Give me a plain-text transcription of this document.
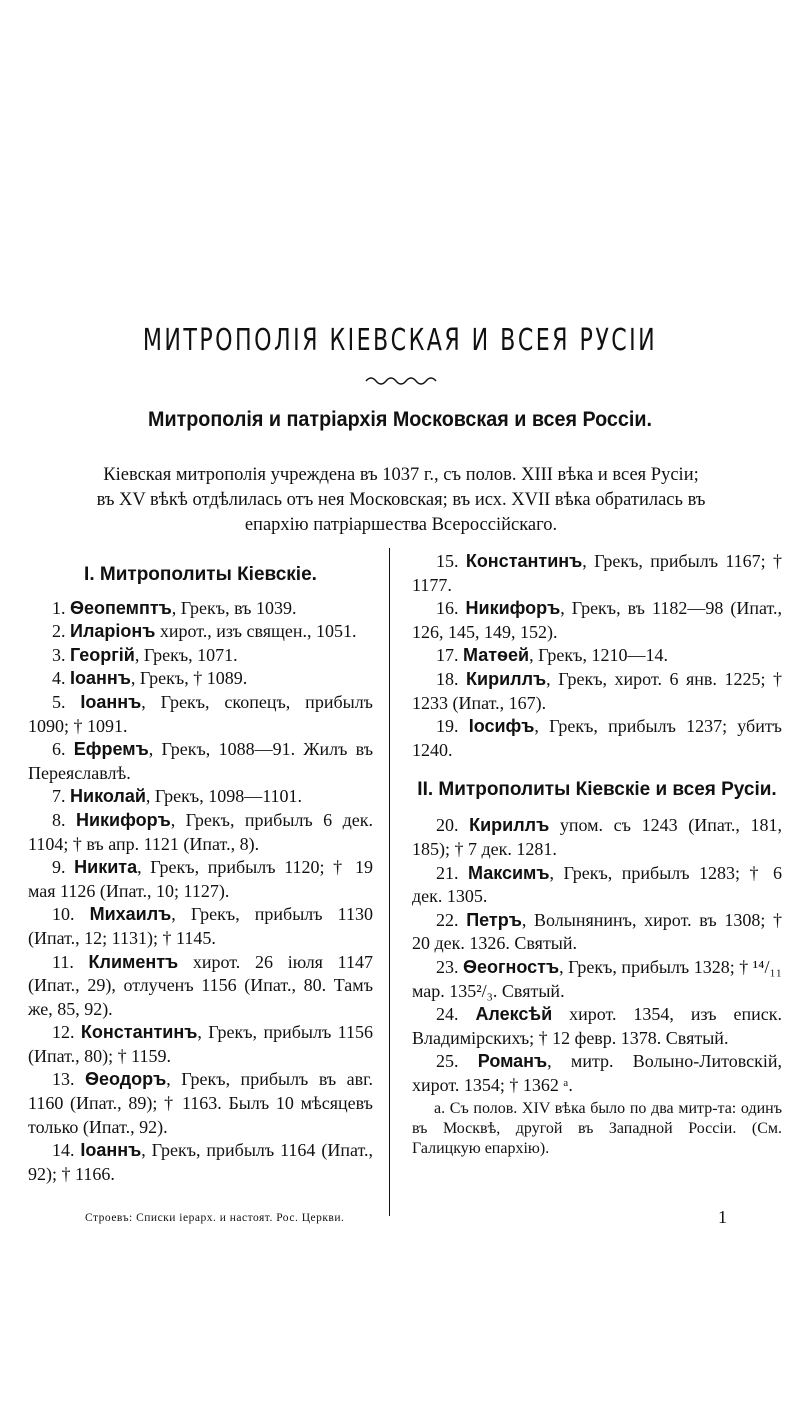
МИТРОПОЛІЯ КІЕВСКАЯ И ВСЕЯ РУСІИ
Митрополія и патріархія Московская и всея Россіи.
Кіевская митрополія учреждена въ 1037 г., съ полов. XIII вѣка и всея Русіи;
въ XV вѣкѣ отдѣлилась отъ нея Московская; въ исх. XVII вѣка обратилась въ
епархію патріаршества Всероссійскаго.
I. Митрополиты Кіевскіе.
1. Ѳеопемптъ, Грекъ, въ 1039.
2. Иларіонъ хирот., изъ священ., 1051.
3. Георгій, Грекъ, 1071.
4. Іоаннъ, Грекъ, † 1089.
5. Іоаннъ, Грекъ, скопецъ, прибылъ 1090; † 1091.
6. Ефремъ, Грекъ, 1088—91. Жилъ въ Переяславлѣ.
7. Николай, Грекъ, 1098—1101.
8. Никифоръ, Грекъ, прибылъ 6 дек. 1104; † въ апр. 1121 (Ипат., 8).
9. Никита, Грекъ, прибылъ 1120; † 19 мая 1126 (Ипат., 10; 1127).
10. Михаилъ, Грекъ, прибылъ 1130 (Ипат., 12; 1131); † 1145.
11. Климентъ хирот. 26 іюля 1147 (Ипат., 29), отлученъ 1156 (Ипат., 80. Тамъ же, 85, 92).
12. Константинъ, Грекъ, прибылъ 1156 (Ипат., 80); † 1159.
13. Ѳеодоръ, Грекъ, прибылъ въ авг. 1160 (Ипат., 89); † 1163. Былъ 10 мѣсяцевъ только (Ипат., 92).
14. Іоаннъ, Грекъ, прибылъ 1164 (Ипат., 92); † 1166.
15. Константинъ, Грекъ, прибылъ 1167; † 1177.
16. Никифоръ, Грекъ, въ 1182—98 (Ипат., 126, 145, 149, 152).
17. Матѳей, Грекъ, 1210—14.
18. Кириллъ, Грекъ, хирот. 6 янв. 1225; † 1233 (Ипат., 167).
19. Іосифъ, Грекъ, прибылъ 1237; убитъ 1240.
II. Митрополиты Кіевскіе и всея Русіи.
20. Кириллъ упом. съ 1243 (Ипат., 181, 185); † 7 дек. 1281.
21. Максимъ, Грекъ, прибылъ 1283; † 6 дек. 1305.
22. Петръ, Волынянинъ, хирот. въ 1308; † 20 дек. 1326. Святый.
23. Ѳеогностъ, Грекъ, прибылъ 1328; † ¹⁴/₁₁ мар. 135²/₃. Святый.
24. Алексѣй хирот. 1354, изъ еписк. Владимірскихъ; † 12 февр. 1378. Святый.
25. Романъ, митр. Волыно-Литовскій, хирот. 1354; † 1362 ᵃ.
a. Съ полов. XIV вѣка было по два митр-та: одинъ въ Москвѣ, другой въ Западной Россіи. (См. Галицкую епархію).
Строевъ: Списки іерарх. и настоят. Рос. Церкви.	1
